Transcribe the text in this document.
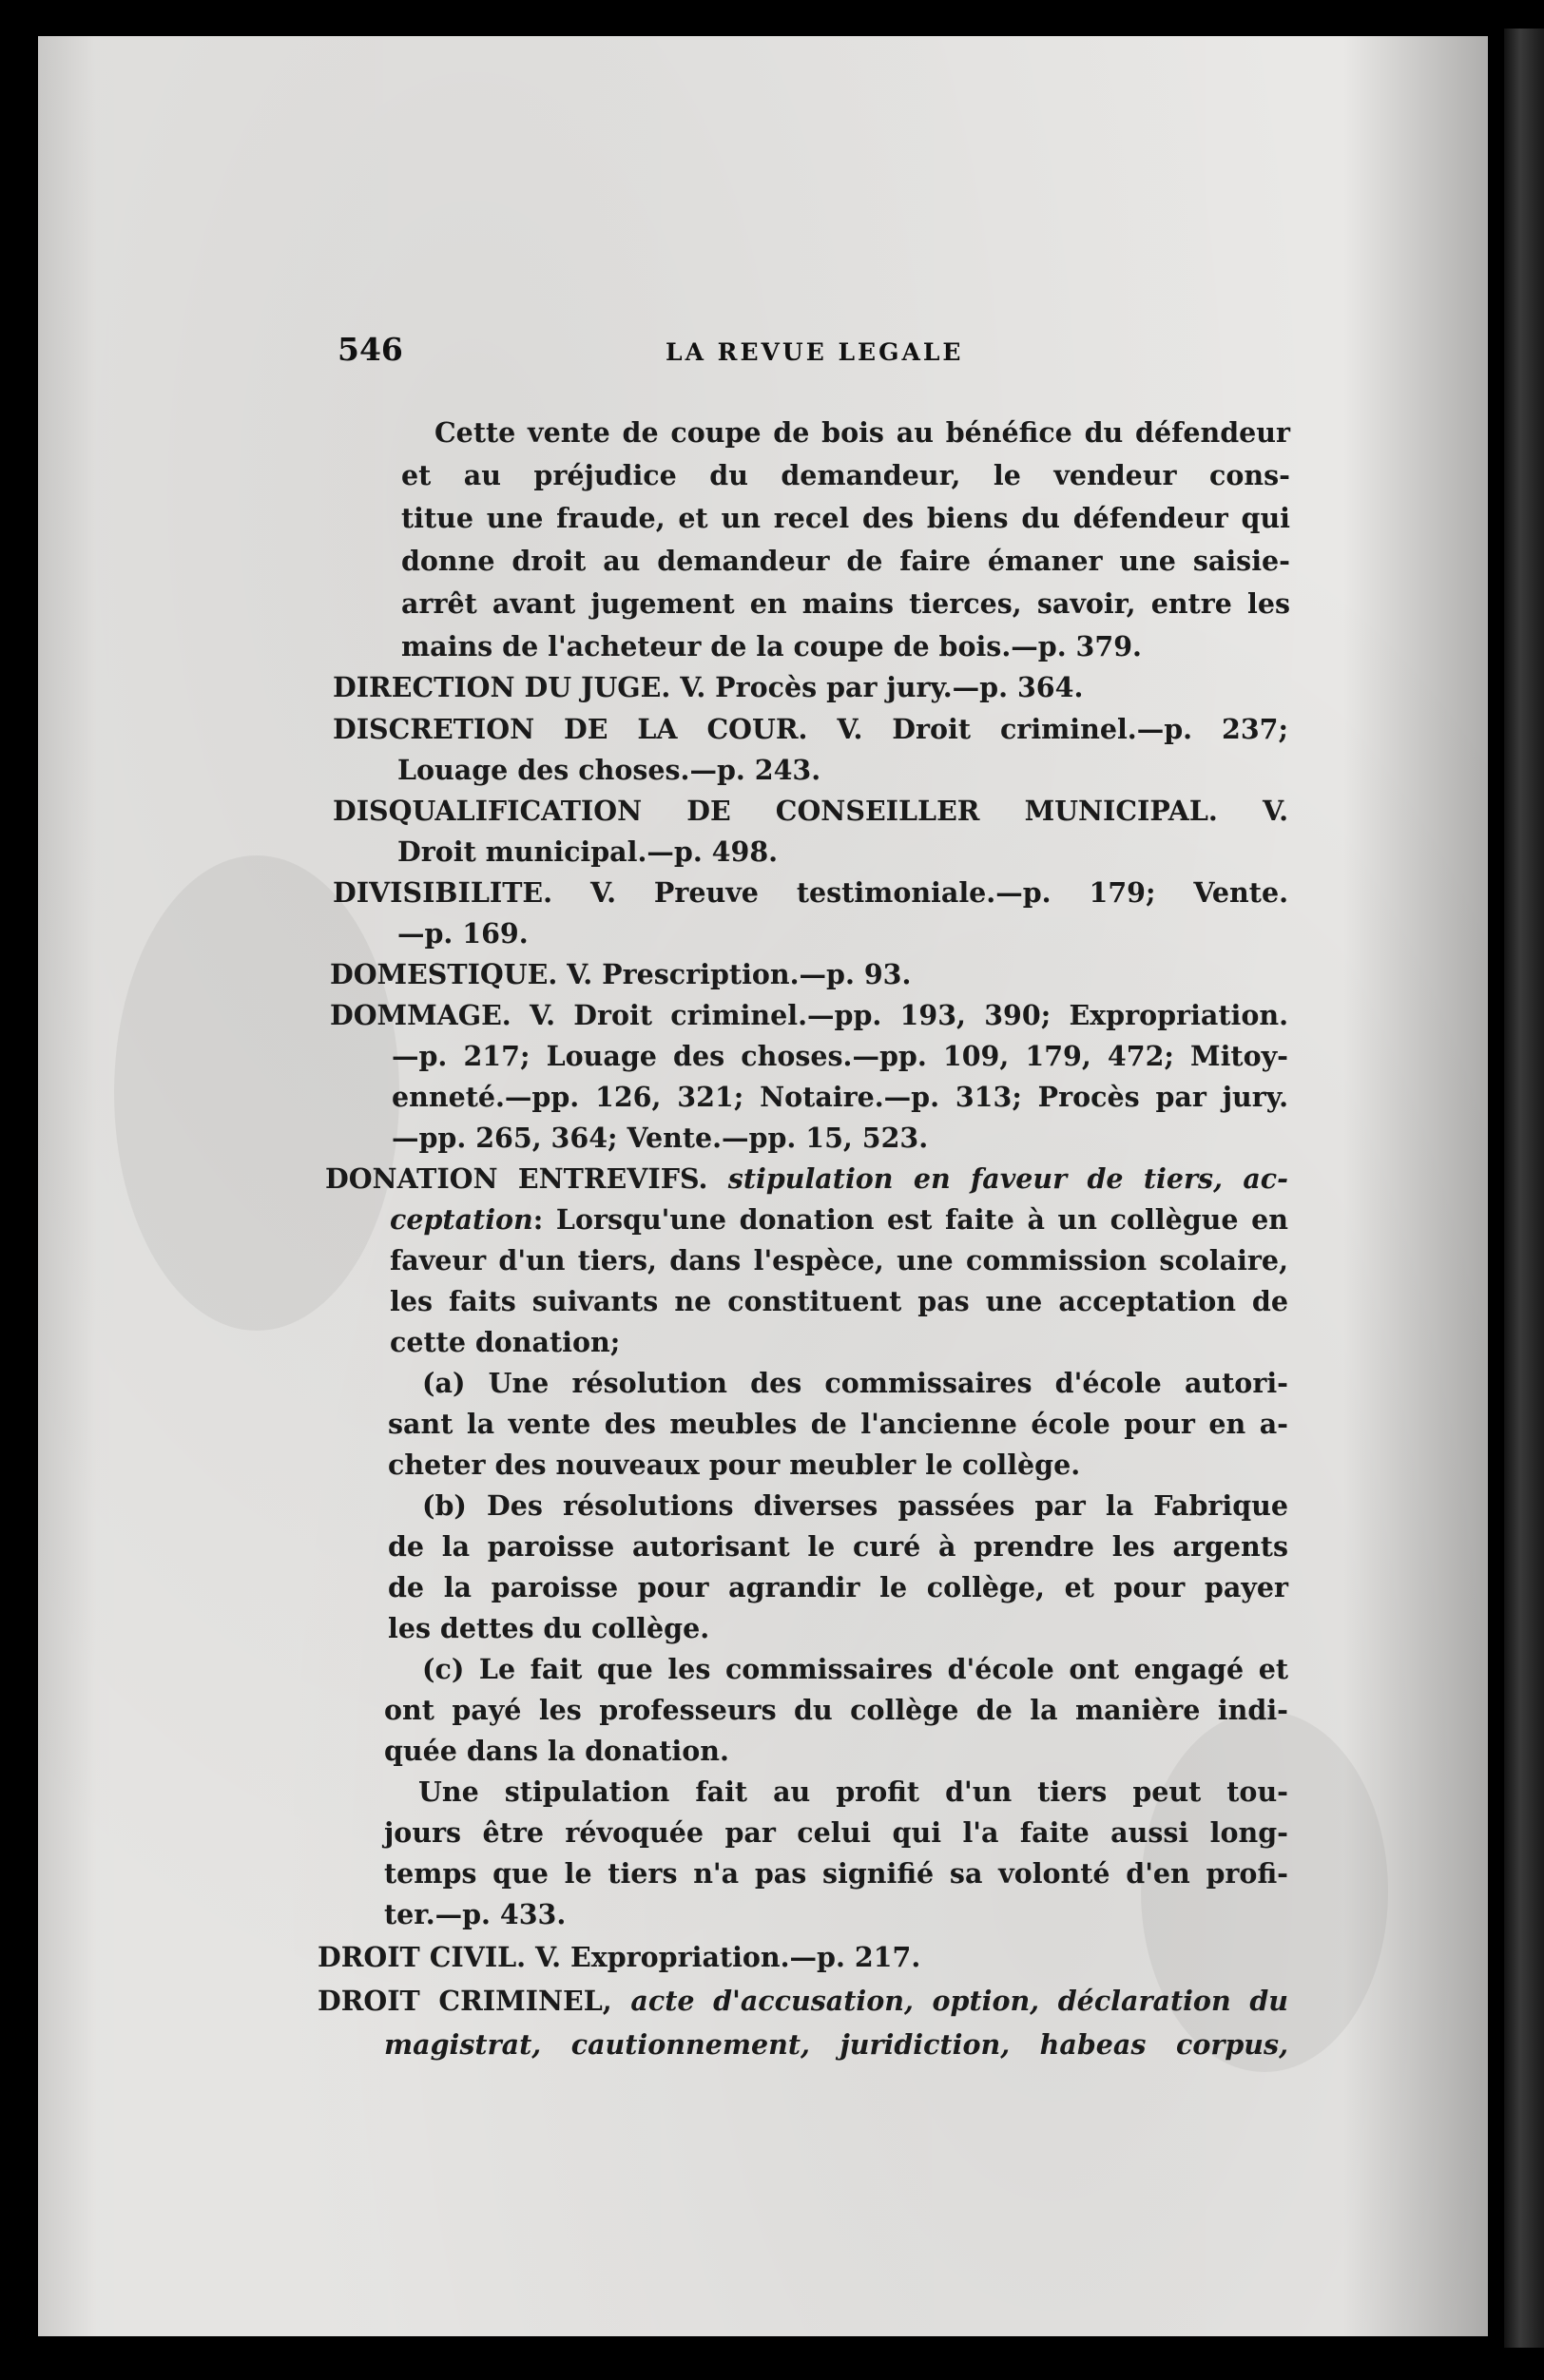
546	LA REVUE LEGALE
Cette vente de coupe de bois au bénéfice du défendeur
et au préjudice du demandeur, le vendeur cons-
titue une fraude, et un recel des biens du défendeur qui
donne droit au demandeur de faire émaner une saisie-
arrêt avant jugement en mains tierces, savoir, entre les
mains de l'acheteur de la coupe de bois.—p. 379.
DIRECTION DU JUGE. V. Procès par jury.—p. 364.
DISCRETION DE LA COUR. V. Droit criminel.—p. 237;
Louage des choses.—p. 243.
DISQUALIFICATION DE CONSEILLER MUNICIPAL. V.
Droit municipal.—p. 498.
DIVISIBILITE. V. Preuve testimoniale.—p. 179; Vente.
—p. 169.
DOMESTIQUE. V. Prescription.—p. 93.
DOMMAGE. V. Droit criminel.—pp. 193, 390; Expropriation.
—p. 217; Louage des choses.—pp. 109, 179, 472; Mitoy-
enneté.—pp. 126, 321; Notaire.—p. 313; Procès par jury.
—pp. 265, 364; Vente.—pp. 15, 523.
DONATION ENTREVIFS. stipulation en faveur de tiers, ac-
ceptation: Lorsqu'une donation est faite à un collègue en
faveur d'un tiers, dans l'espèce, une commission scolaire,
les faits suivants ne constituent pas une acceptation de
cette donation;
(a) Une résolution des commissaires d'école autori-
sant la vente des meubles de l'ancienne école pour en a-
cheter des nouveaux pour meubler le collège.
(b) Des résolutions diverses passées par la Fabrique
de la paroisse autorisant le curé à prendre les argents
de la paroisse pour agrandir le collège, et pour payer
les dettes du collège.
(c) Le fait que les commissaires d'école ont engagé et
ont payé les professeurs du collège de la manière indi-
quée dans la donation.
Une stipulation fait au profit d'un tiers peut tou-
jours être révoquée par celui qui l'a faite aussi long-
temps que le tiers n'a pas signifié sa volonté d'en profi-
ter.—p. 433.
DROIT CIVIL. V. Expropriation.—p. 217.
DROIT CRIMINEL, acte d'accusation, option, déclaration du
magistrat, cautionnement, juridiction, habeas corpus,
